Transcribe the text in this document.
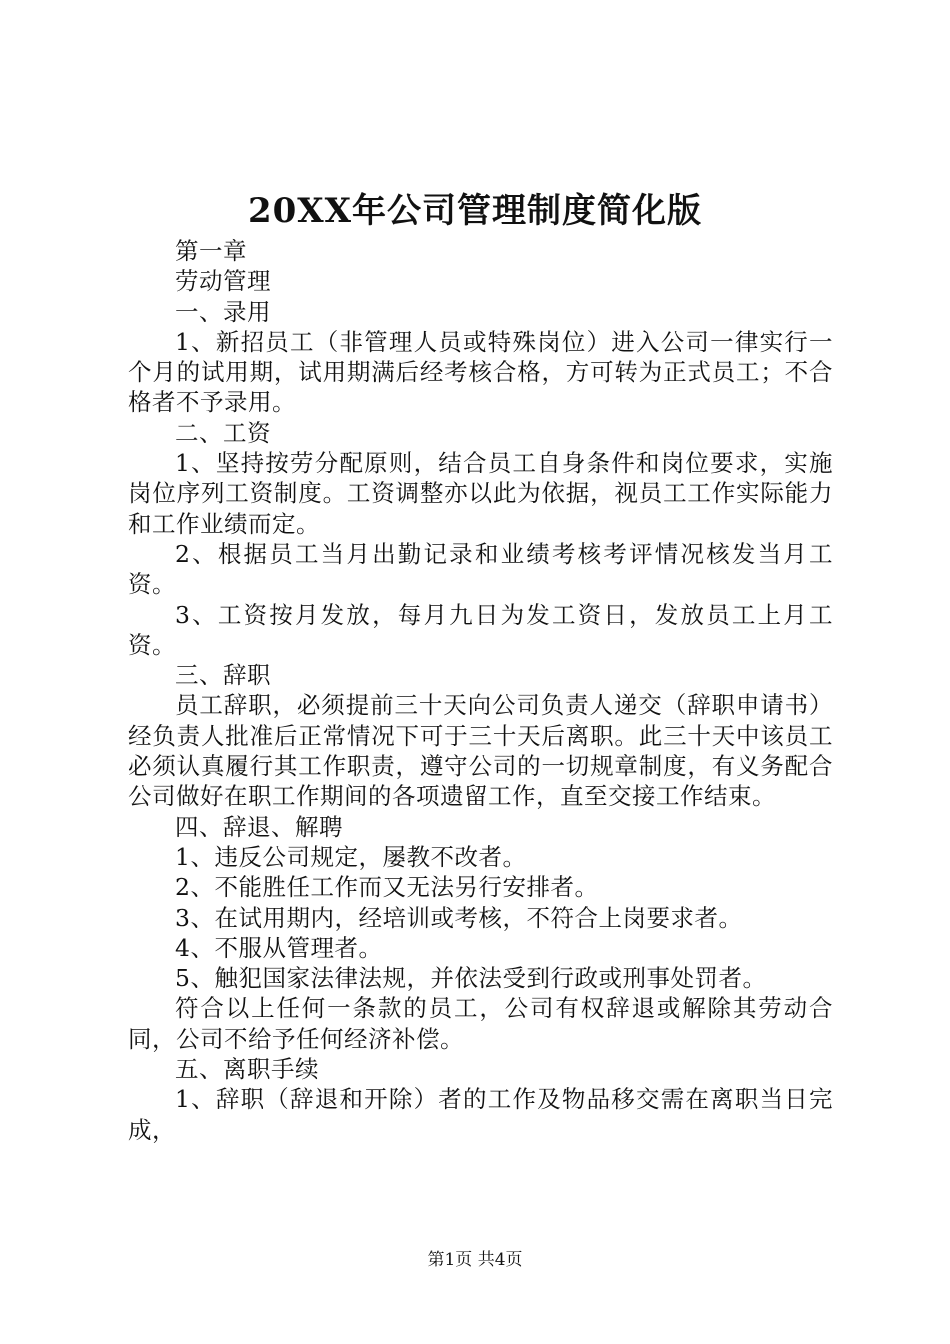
20XX年公司管理制度简化版

第一章

劳动管理

一、录用

1、新招员工（非管理人员或特殊岗位）进入公司一律实行一个月的试用期，试用期满后经考核合格，方可转为正式员工；不合格者不予录用。

二、工资

1、坚持按劳分配原则，结合员工自身条件和岗位要求，实施岗位序列工资制度。工资调整亦以此为依据，视员工工作实际能力和工作业绩而定。

2、根据员工当月出勤记录和业绩考核考评情况核发当月工资。

3、工资按月发放，每月九日为发工资日，发放员工上月工资。

三、辞职

员工辞职，必须提前三十天向公司负责人递交（辞职申请书）经负责人批准后正常情况下可于三十天后离职。此三十天中该员工必须认真履行其工作职责，遵守公司的一切规章制度，有义务配合公司做好在职工作期间的各项遗留工作，直至交接工作结束。

四、辞退、解聘

1、违反公司规定，屡教不改者。

2、不能胜任工作而又无法另行安排者。

3、在试用期内，经培训或考核，不符合上岗要求者。

4、不服从管理者。

5、触犯国家法律法规，并依法受到行政或刑事处罚者。

符合以上任何一条款的员工，公司有权辞退或解除其劳动合同，公司不给予任何经济补偿。

五、离职手续

1、辞职（辞退和开除）者的工作及物品移交需在离职当日完成，

第1页 共4页
